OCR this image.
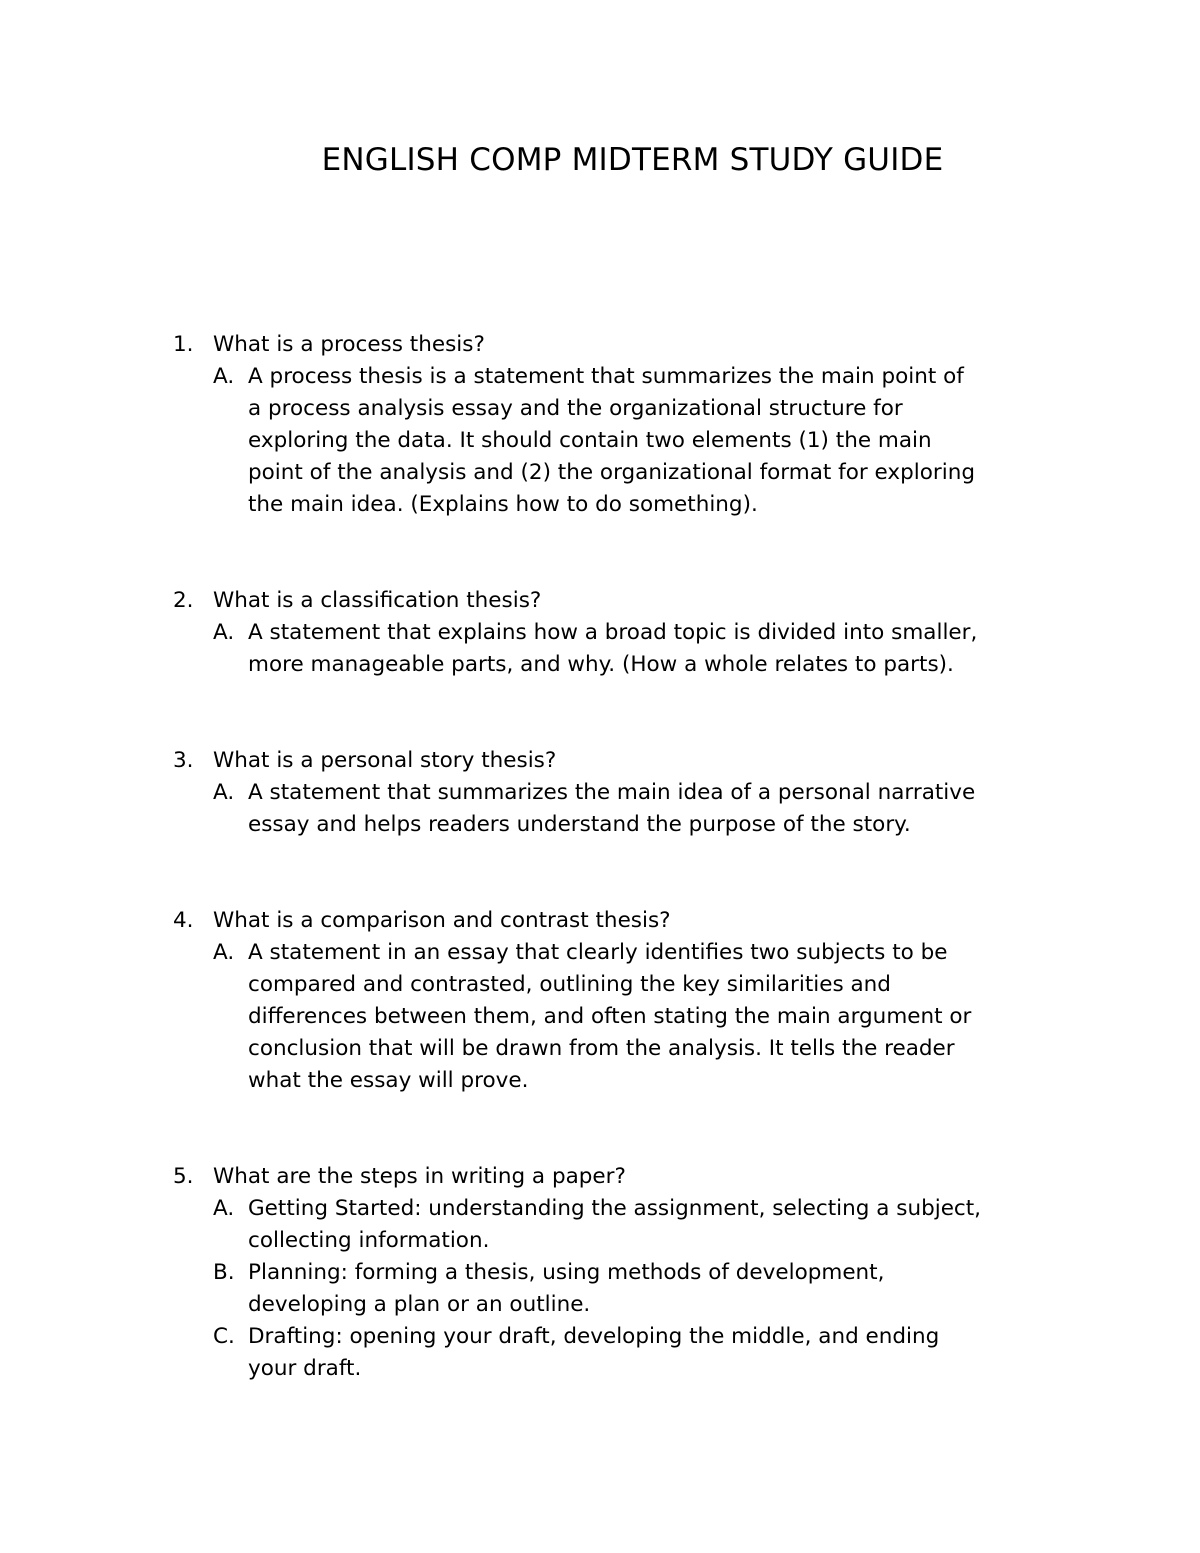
ENGLISH COMP MIDTERM STUDY GUIDE

1. What is a process thesis?

A. A process thesis is a statement that summarizes the main point of a process analysis essay and the organizational structure for exploring the data. It should contain two elements (1) the main point of the analysis and (2) the organizational format for exploring the main idea. (Explains how to do something).

2. What is a classification thesis?

A. A statement that explains how a broad topic is divided into smaller, more manageable parts, and why. (How a whole relates to parts).

3. What is a personal story thesis?

A. A statement that summarizes the main idea of a personal narrative essay and helps readers understand the purpose of the story.

4. What is a comparison and contrast thesis?

A. A statement in an essay that clearly identifies two subjects to be compared and contrasted, outlining the key similarities and differences between them, and often stating the main argument or conclusion that will be drawn from the analysis. It tells the reader what the essay will prove.

5. What are the steps in writing a paper?

A. Getting Started: understanding the assignment, selecting a subject, collecting information.

B. Planning: forming a thesis, using methods of development, developing a plan or an outline.

C. Drafting: opening your draft, developing the middle, and ending your draft.
